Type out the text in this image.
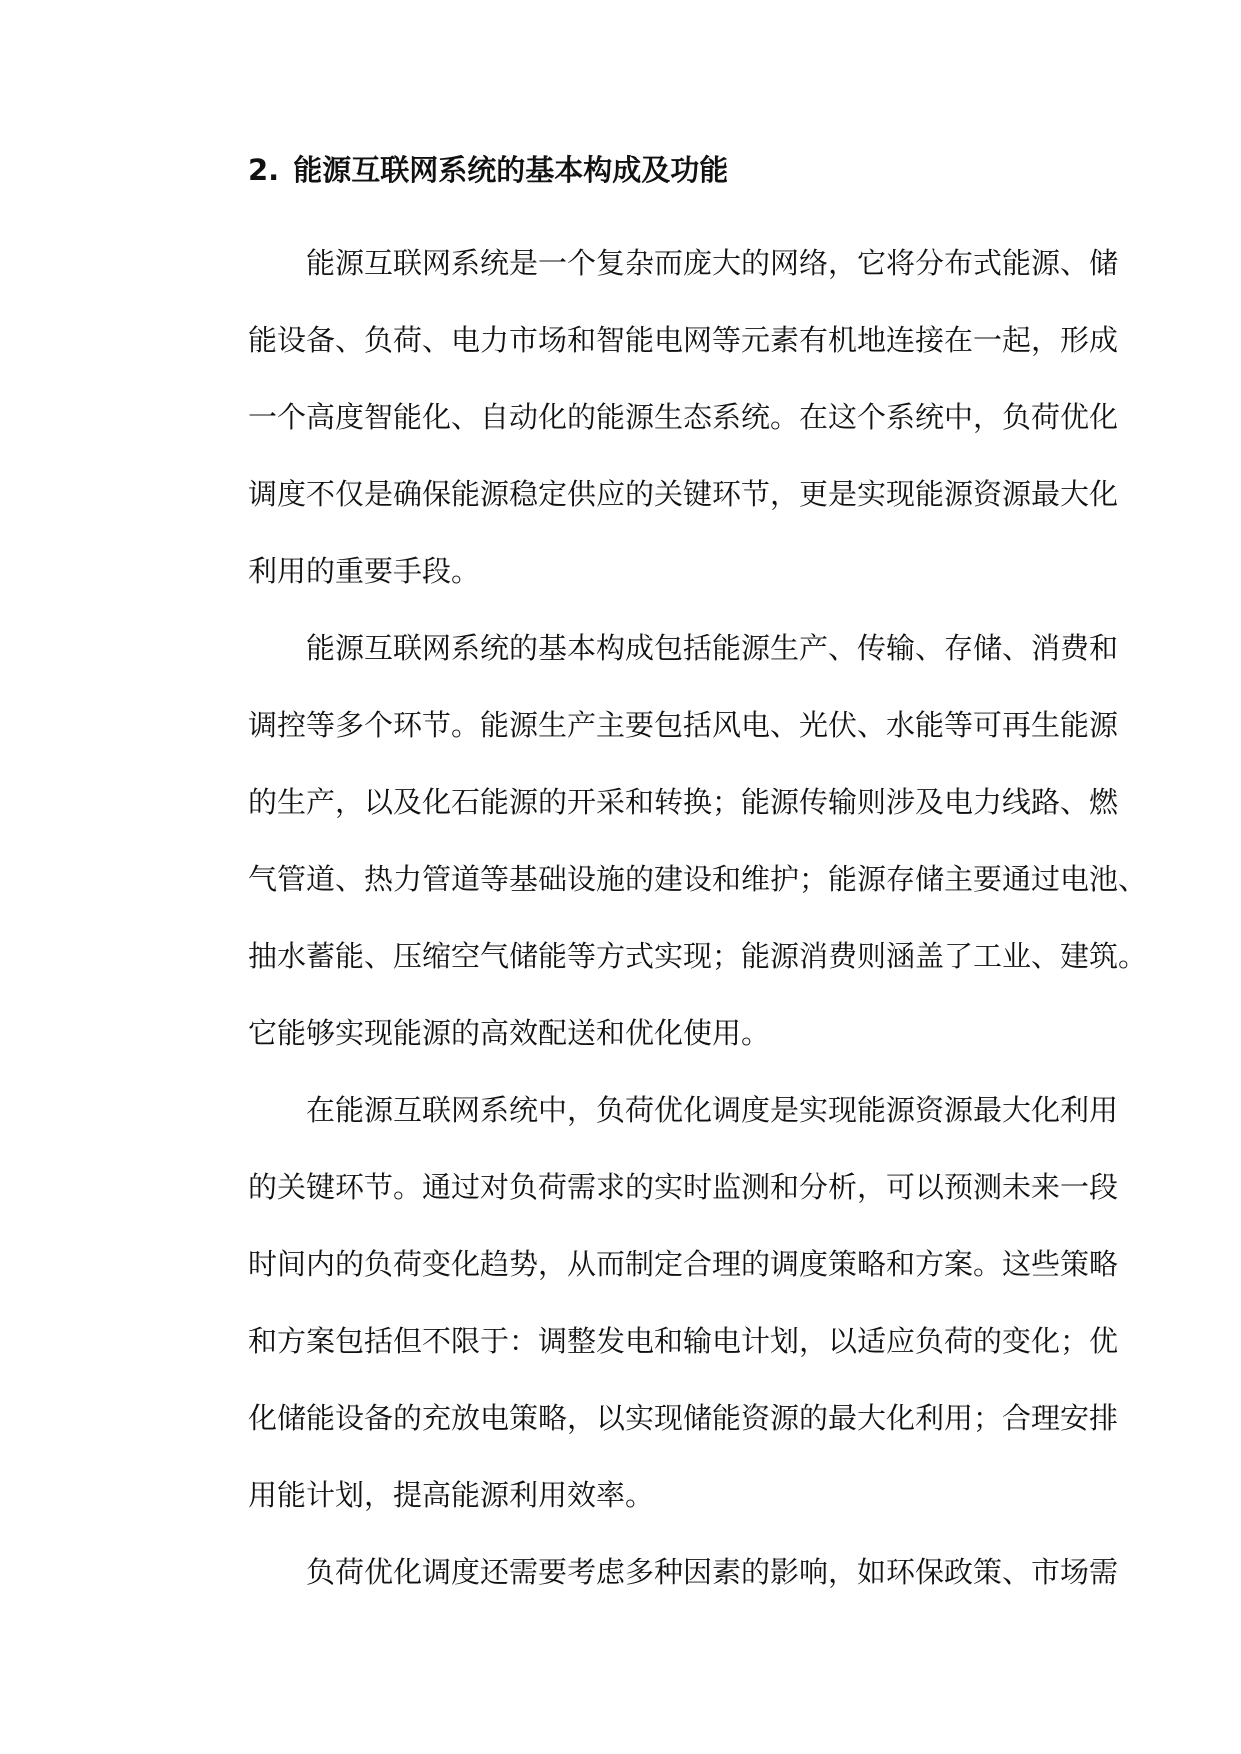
2. 能源互联网系统的基本构成及功能
能源互联网系统是一个复杂而庞大的网络，它将分布式能源、储
能设备、负荷、电力市场和智能电网等元素有机地连接在一起，形成
一个高度智能化、自动化的能源生态系统。在这个系统中，负荷优化
调度不仅是确保能源稳定供应的关键环节，更是实现能源资源最大化
利用的重要手段。
能源互联网系统的基本构成包括能源生产、传输、存储、消费和
调控等多个环节。能源生产主要包括风电、光伏、水能等可再生能源
的生产，以及化石能源的开采和转换；能源传输则涉及电力线路、燃
气管道、热力管道等基础设施的建设和维护；能源存储主要通过电池、
抽水蓄能、压缩空气储能等方式实现；能源消费则涵盖了工业、建筑。
它能够实现能源的高效配送和优化使用。
在能源互联网系统中，负荷优化调度是实现能源资源最大化利用
的关键环节。通过对负荷需求的实时监测和分析，可以预测未来一段
时间内的负荷变化趋势，从而制定合理的调度策略和方案。这些策略
和方案包括但不限于：调整发电和输电计划，以适应负荷的变化；优
化储能设备的充放电策略，以实现储能资源的最大化利用；合理安排
用能计划，提高能源利用效率。
负荷优化调度还需要考虑多种因素的影响，如环保政策、市场需
